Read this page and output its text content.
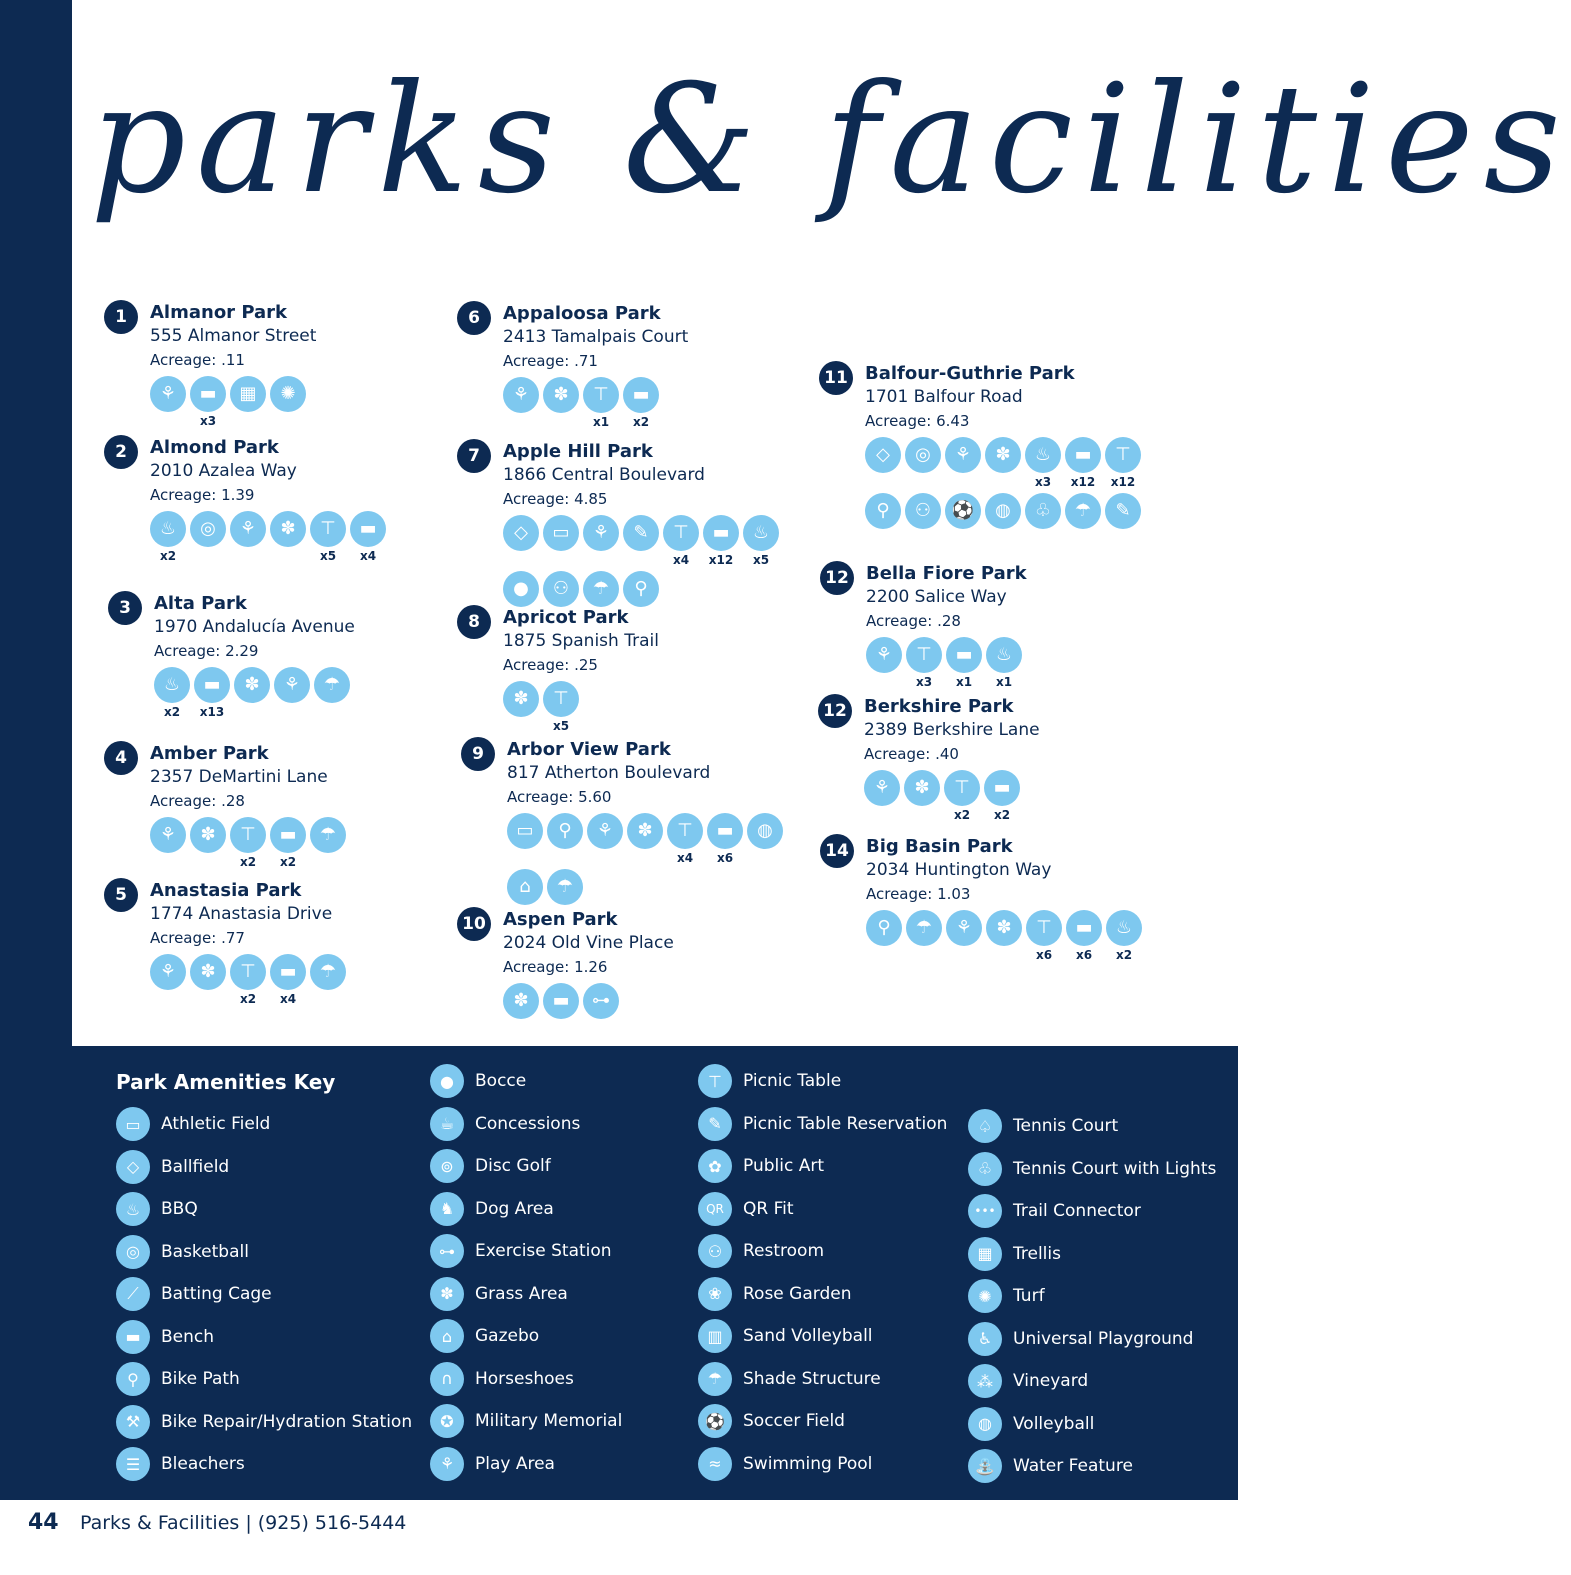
parks & facilities
1	Almanor Park
555 Almanor Street
Acreage: .11
⚘	▬
x3
▦	✺
2	Almond Park
2010 Azalea Way
Acreage: 1.39
♨
x2
◎	⚘	✽	⊤
x5
▬
x4
3	Alta Park
1970 Andalucía Avenue
Acreage: 2.29
♨
x2
▬
x13
✽	⚘	☂
4	Amber Park
2357 DeMartini Lane
Acreage: .28
⚘	✽	⊤
x2
▬
x2
☂
5	Anastasia Park
1774 Anastasia Drive
Acreage: .77
⚘	✽	⊤
x2
▬
x4
☂
6	Appaloosa Park
2413 Tamalpais Court
Acreage: .71
⚘	✽	⊤
x1
▬
x2
7	Apple Hill Park
1866 Central Boulevard
Acreage: 4.85
◇	▭	⚘	✎	⊤
x4
▬
x12
♨
x5
●	⚇	☂	⚲
8	Apricot Park
1875 Spanish Trail
Acreage: .25
✽	⊤
x5
9	Arbor View Park
817 Atherton Boulevard
Acreage: 5.60
▭	⚲	⚘	✽	⊤
x4
▬
x6
◍
⌂	☂
10 Aspen Park
2024 Old Vine Place
Acreage: 1.26
✽	▬	⊶
11 Balfour-Guthrie Park
1701 Balfour Road
Acreage: 6.43
◇	◎	⚘	✽	♨
x3
▬
x12
⊤
x12
⚲	⚇	⚽	◍	♧	☂	✎
12 Bella Fiore Park
2200 Salice Way
Acreage: .28
⚘	⊤
x3
▬
x1
♨
x1
12 Berkshire Park
2389 Berkshire Lane
Acreage: .40
⚘	✽	⊤
x2
▬
x2
14 Big Basin Park
2034 Huntington Way
Acreage: 1.03
⚲	☂	⚘	✽	⊤
x6
▬
x6
♨
x2
Park Amenities Key
▭	Athletic Field
◇	Ballfield
♨	BBQ
◎	Basketball
⟋	Batting Cage
▬	Bench
⚲	Bike Path
⚒	Bike Repair/Hydration Station
☰	Bleachers
●	Bocce
☕	Concessions
⊚	Disc Golf
♞	Dog Area
⊶	Exercise Station
✽	Grass Area
⌂	Gazebo
∩	Horseshoes
✪	Military Memorial
⚘	Play Area
⊤	Picnic Table
✎	Picnic Table Reservation
✿	Public Art
QR	QR Fit
⚇	Restroom
❀	Rose Garden
▥	Sand Volleyball
☂	Shade Structure
⚽	Soccer Field
≈	Swimming Pool
♤	Tennis Court
♧	Tennis Court with Lights
•••	Trail Connector
▦	Trellis
✺	Turf
♿	Universal Playground
⁂	Vineyard
◍	Volleyball
⛲	Water Feature
44 Parks & Facilities | (925) 516-5444
